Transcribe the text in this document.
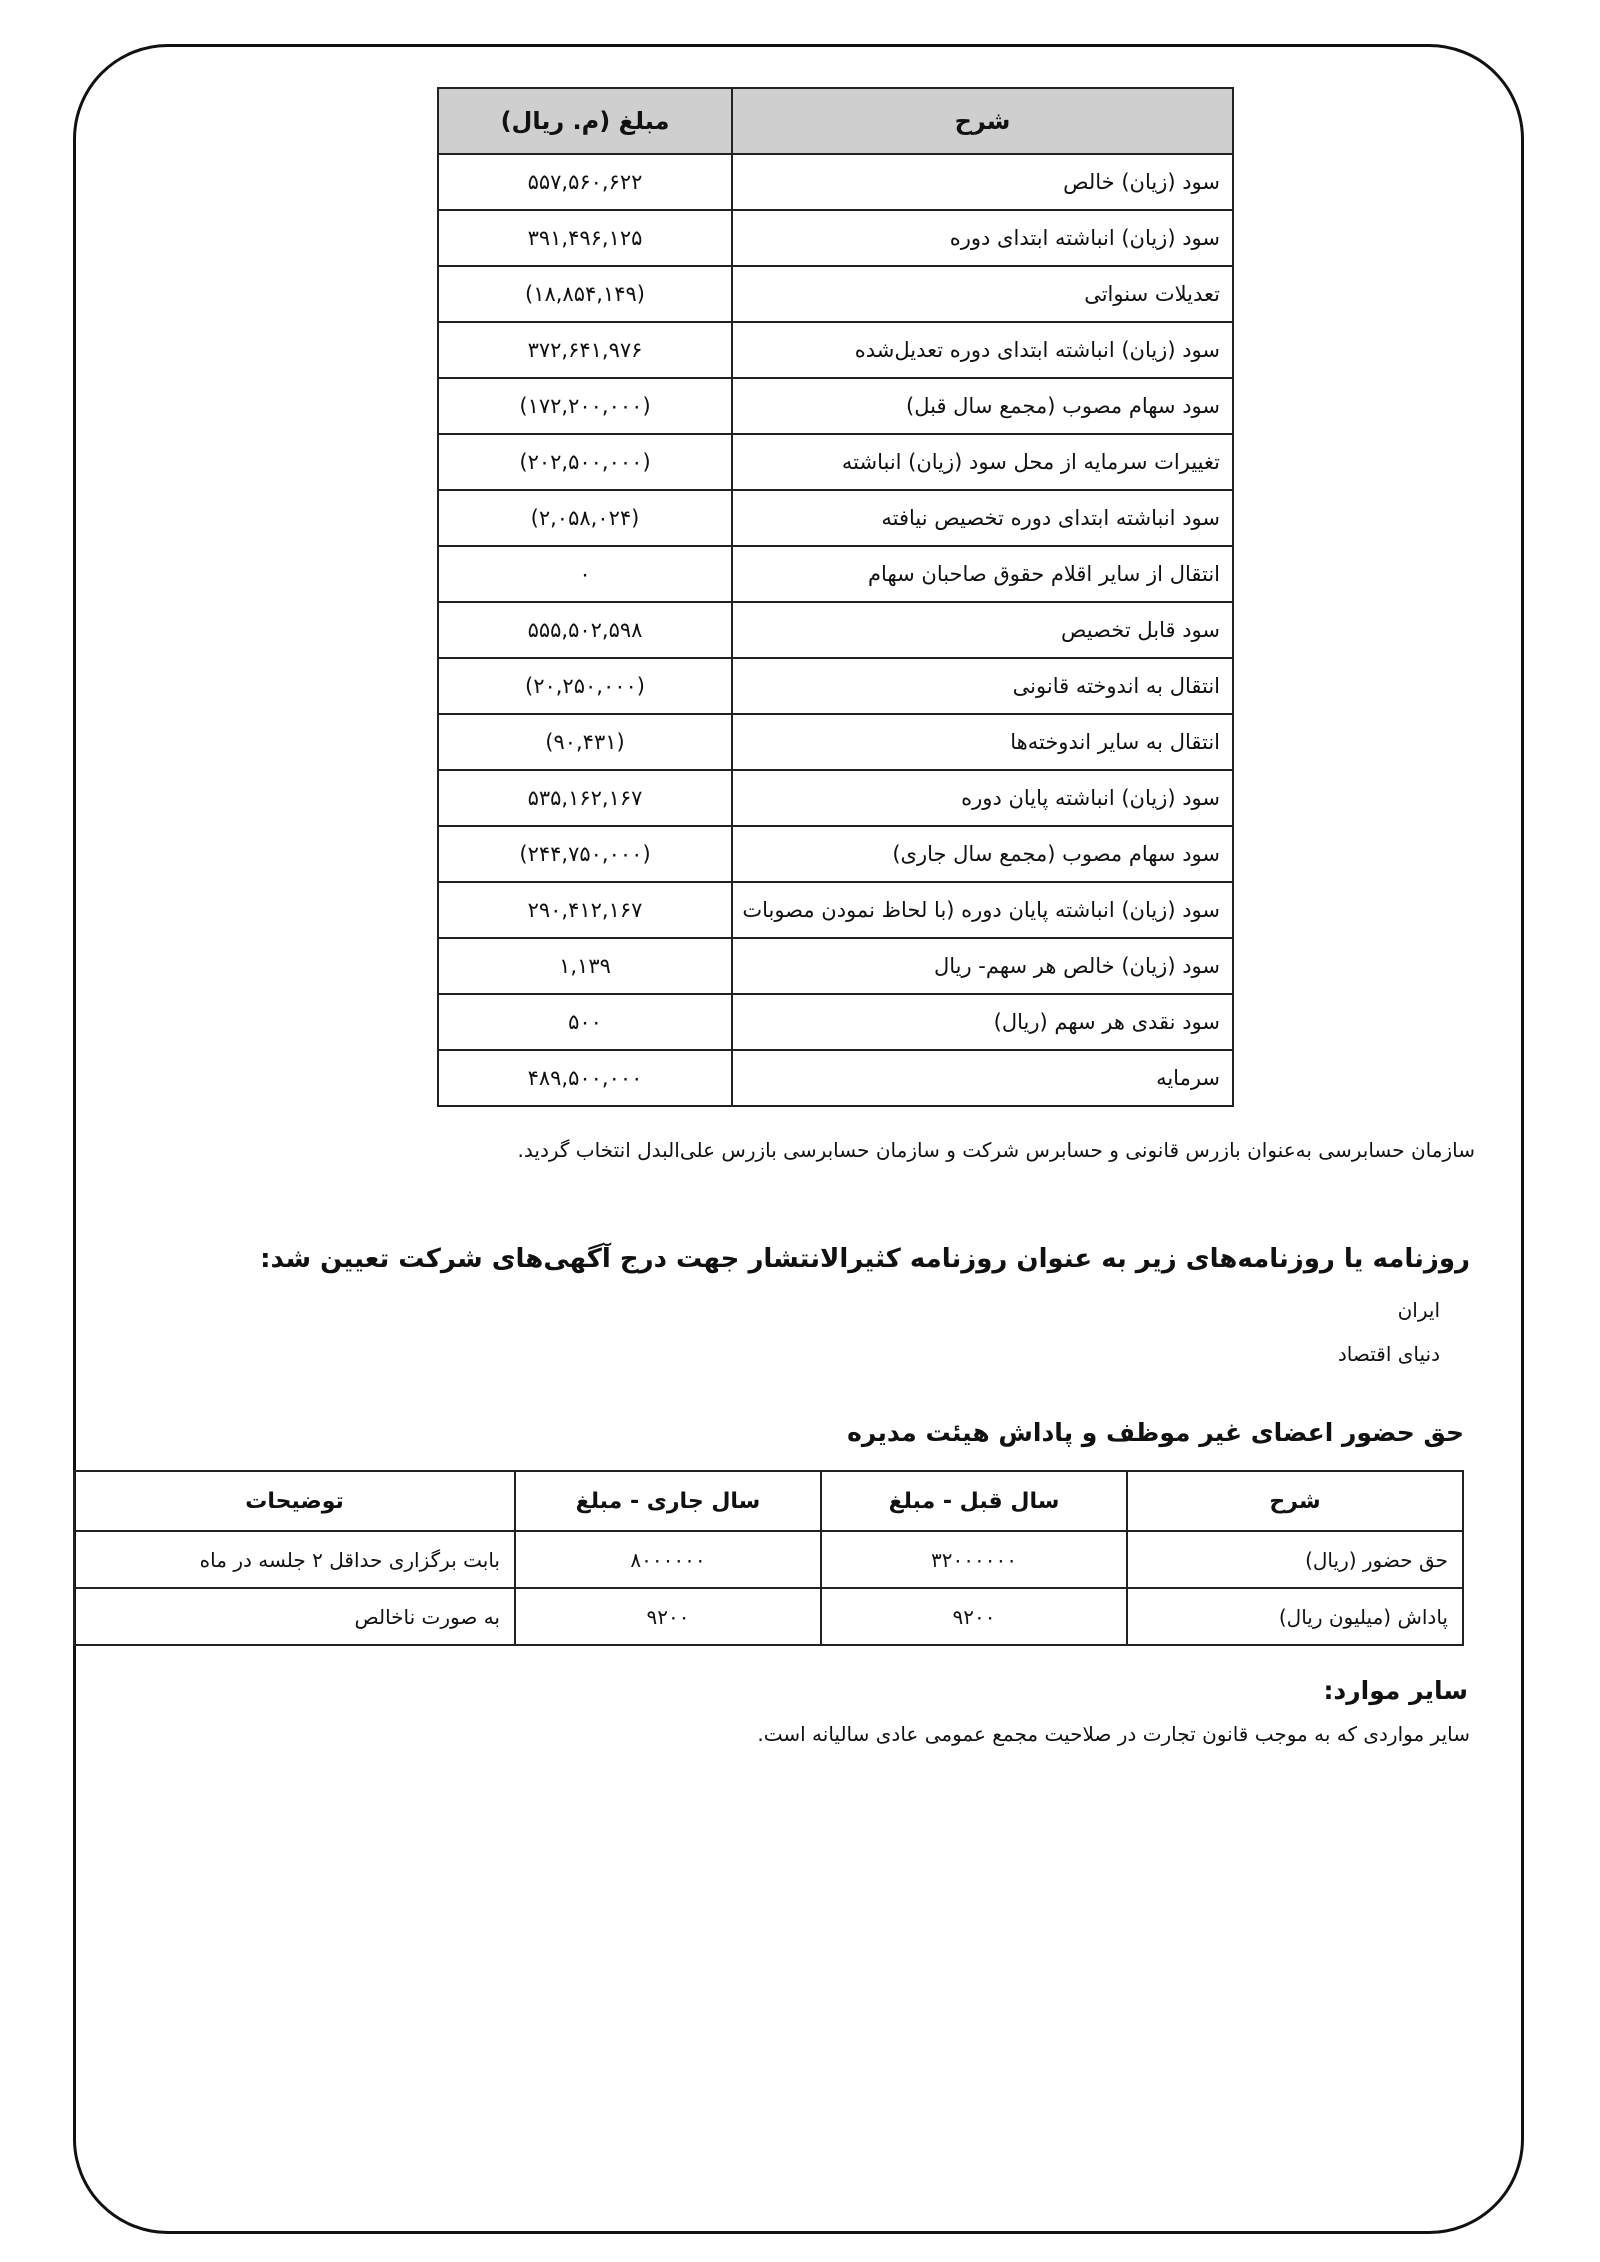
شرح	مبلغ (م. ریال)
سود (زیان) خالص	۵۵۷,۵۶۰,۶۲۲
سود (زیان) انباشته ابتدای دوره	۳۹۱,۴۹۶,۱۲۵
تعدیلات سنواتی	(۱۸,۸۵۴,۱۴۹)
سود (زیان) انباشته ابتدای دوره تعدیل‌شده	۳۷۲,۶۴۱,۹۷۶
سود سهام مصوب (مجمع سال قبل)	(۱۷۲,۲۰۰,۰۰۰)
تغییرات سرمایه از محل سود (زیان) انباشته	(۲۰۲,۵۰۰,۰۰۰)
سود انباشته ابتدای دوره تخصیص نیافته	(۲,۰۵۸,۰۲۴)
انتقال از سایر اقلام حقوق صاحبان سهام	۰
سود قابل تخصیص	۵۵۵,۵۰۲,۵۹۸
انتقال به اندوخته قانونی	(۲۰,۲۵۰,۰۰۰)
انتقال به سایر اندوخته‌ها	(۹۰,۴۳۱)
سود (زیان) انباشته پایان دوره	۵۳۵,۱۶۲,۱۶۷
سود سهام مصوب (مجمع سال جاری)	(۲۴۴,۷۵۰,۰۰۰)
سود (زیان) انباشته پایان دوره (با لحاظ نمودن مصوبات	۲۹۰,۴۱۲,۱۶۷
سود (زیان) خالص هر سهم- ریال	۱,۱۳۹
سود نقدی هر سهم (ریال)	۵۰۰
سرمایه	۴۸۹,۵۰۰,۰۰۰
سازمان حسابرسی به‌عنوان بازرس قانونی و حسابرس شرکت و سازمان حسابرسی بازرس علی‌البدل انتخاب گردید.
روزنامه یا روزنامه‌های زیر به عنوان روزنامه کثیرالانتشار جهت درج آگهی‌های شرکت تعیین شد:
ایران
دنیای اقتصاد
حق حضور اعضای غیر موظف و پاداش هیئت مدیره
شرح	سال قبل - مبلغ	سال جاری - مبلغ	توضیحات
حق حضور (ریال)	۳۲۰۰۰۰۰۰	۸۰۰۰۰۰۰	بابت برگزاری حداقل ۲ جلسه در ماه
پاداش (میلیون ریال)	۹۲۰۰	۹۲۰۰	به صورت ناخالص
سایر موارد:
سایر مواردی که به موجب قانون تجارت در صلاحیت مجمع عمومی عادی سالیانه است.
